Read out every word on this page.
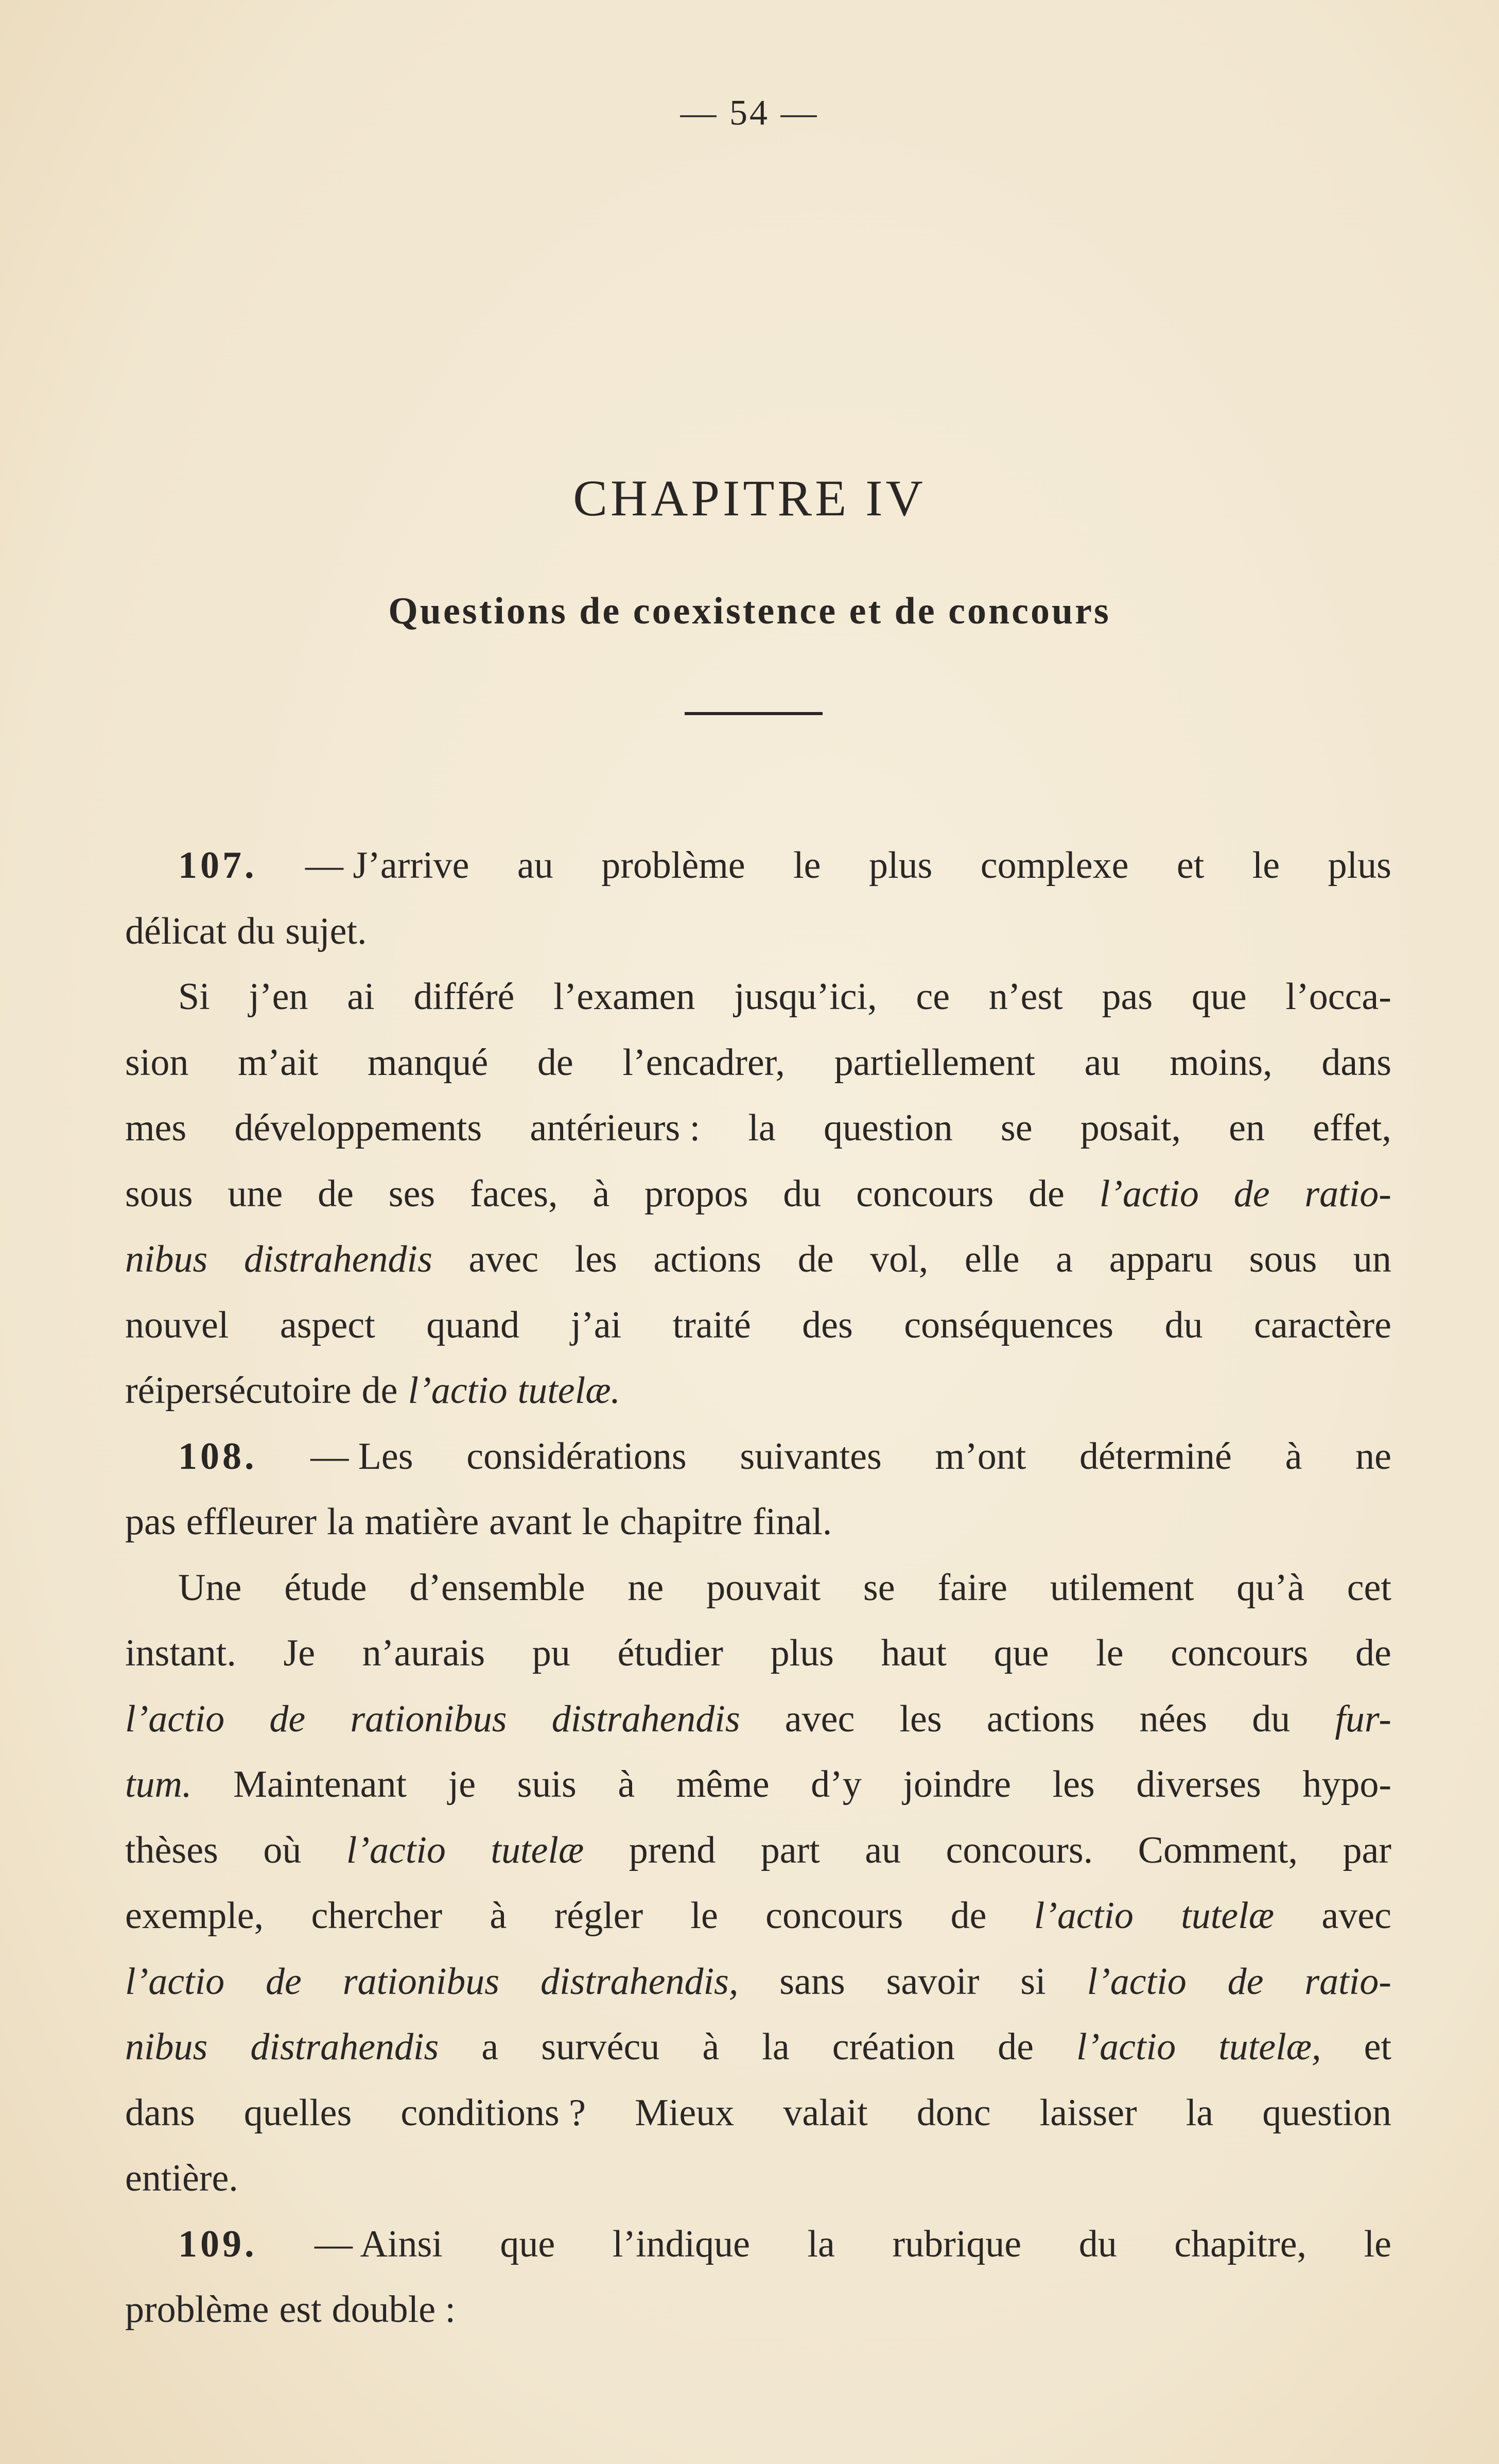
— 54 —
CHAPITRE IV
Questions de coexistence et de concours
107. — J’arrive au problème le plus complexe et le plus
délicat du sujet.
Si j’en ai différé l’examen jusqu’ici, ce n’est pas que l’occa-
sion m’ait manqué de l’encadrer, partiellement au moins, dans
mes développements antérieurs : la question se posait, en effet,
sous une de ses faces, à propos du concours de l’actio de ratio-
nibus distrahendis avec les actions de vol, elle a apparu sous un
nouvel aspect quand j’ai traité des conséquences du caractère
réipersécutoire de l’actio tutelæ.
108. — Les considérations suivantes m’ont déterminé à ne
pas effleurer la matière avant le chapitre final.
Une étude d’ensemble ne pouvait se faire utilement qu’à cet
instant. Je n’aurais pu étudier plus haut que le concours de
l’actio de rationibus distrahendis avec les actions nées du fur-
tum. Maintenant je suis à même d’y joindre les diverses hypo-
thèses où l’actio tutelæ prend part au concours. Comment, par
exemple, chercher à régler le concours de l’actio tutelæ avec
l’actio de rationibus distrahendis, sans savoir si l’actio de ratio-
nibus distrahendis a survécu à la création de l’actio tutelæ, et
dans quelles conditions ? Mieux valait donc laisser la question
entière.
109. — Ainsi que l’indique la rubrique du chapitre, le
problème est double :
